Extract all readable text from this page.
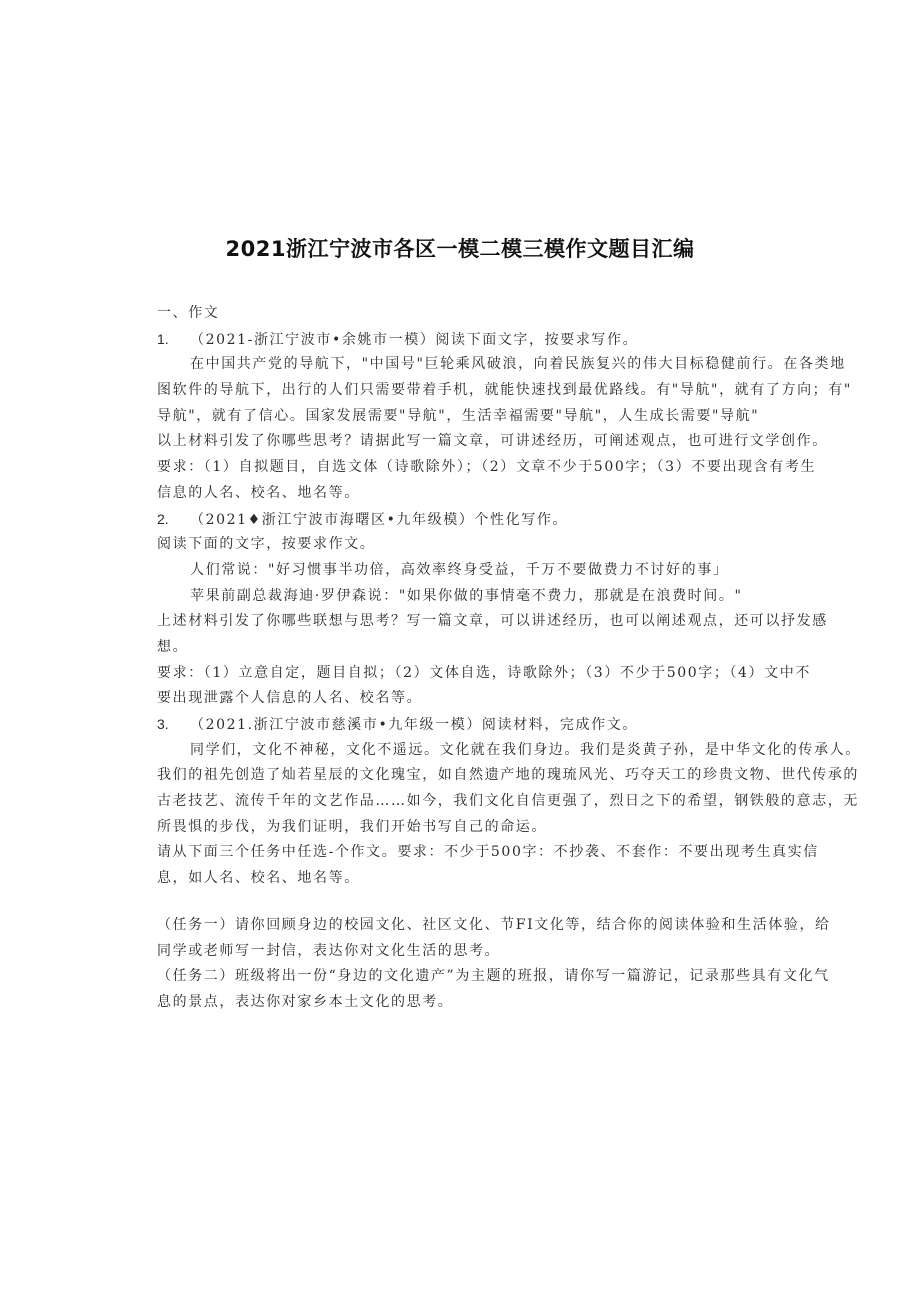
2021浙江宁波市各区一模二模三模作文题目汇编
一、作文
1. （2021-浙江宁波市•余姚市一模）阅读下面文字，按要求写作。
在中国共产党的导航下，"中国号"巨轮乘风破浪，向着民族复兴的伟大目标稳健前行。在各类地
图软件的导航下，出行的人们只需要带着手机，就能快速找到最优路线。有"导航"，就有了方向；有"
导航"，就有了信心。国家发展需要"导航"，生活幸福需要"导航"，人生成长需要"导航"
以上材料引发了你哪些思考？请据此写一篇文章，可讲述经历，可阐述观点，也可进行文学创作。
要求：（1）自拟题目，自选文体（诗歌除外）；（2）文章不少于500字；（3）不要出现含有考生
信息的人名、校名、地名等。
2. （2021♦浙江宁波市海曙区•九年级模）个性化写作。
阅读下面的文字，按要求作文。
人们常说："好习惯事半功倍，高效率终身受益，千万不要做费力不讨好的事」
苹果前副总裁海迪·罗伊森说："如果你做的事情毫不费力，那就是在浪费时间。"
上述材料引发了你哪些联想与思考？写一篇文章，可以讲述经历，也可以阐述观点，还可以抒发感
想。
要求：（1）立意自定，题目自拟；（2）文体自选，诗歌除外；（3）不少于500字；（4）文中不
要出现泄露个人信息的人名、校名等。
3. （2021.浙江宁波市慈溪市•九年级一模）阅读材料，完成作文。
同学们，文化不神秘，文化不遥远。文化就在我们身边。我们是炎黄子孙，是中华文化的传承人。
我们的祖先创造了灿若星辰的文化瑰宝，如自然遗产地的瑰琉风光、巧夺天工的珍贵文物、世代传承的
古老技艺、流传千年的文艺作品……如今，我们文化自信更强了，烈日之下的希望，钢铁般的意志，无
所畏惧的步伐，为我们证明，我们开始书写自己的命运。
请从下面三个任务中任选-个作文。要求：不少于500字：不抄袭、不套作：不要出现考生真实信
息，如人名、校名、地名等。
（任务一）请你回顾身边的校园文化、社区文化、节FI文化等，结合你的阅读体验和生活体验，给
同学或老师写一封信，表达你对文化生活的思考。
（任务二）班级将出一份“身边的文化遗产”为主题的班报，请你写一篇游记，记录那些具有文化气
息的景点，表达你对家乡本土文化的思考。
